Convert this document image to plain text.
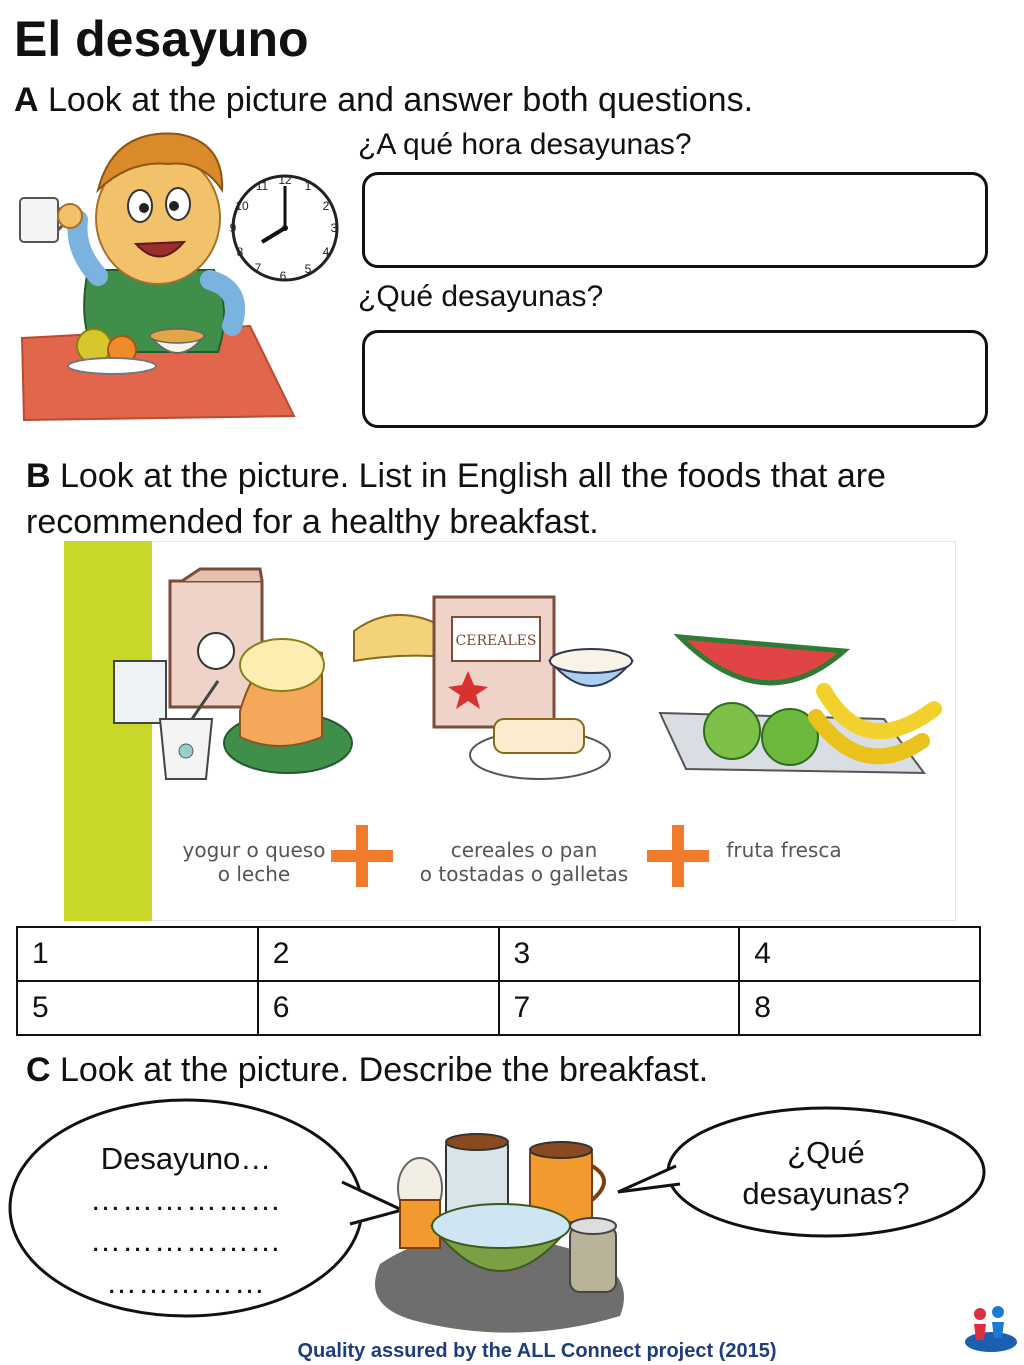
El desayuno
A Look at the picture and answer both questions.
12 1
2
3
4
5
6
7
8
9
10
11
¿A qué hora desayunas?
¿Qué desayunas?
B Look at the picture. List in English all the foods that are
recommended for a healthy breakfast.
CEREALES
yogur o queso
o leche
cereales o pan
o tostadas o galletas
fruta fresca
1	2	3	4
5	6	7	8
C Look at the picture. Describe the breakfast.
Desayuno…
………………
………………
……………
¿Qué
desayunas?
Quality assured by the ALL Connect project (2015)
